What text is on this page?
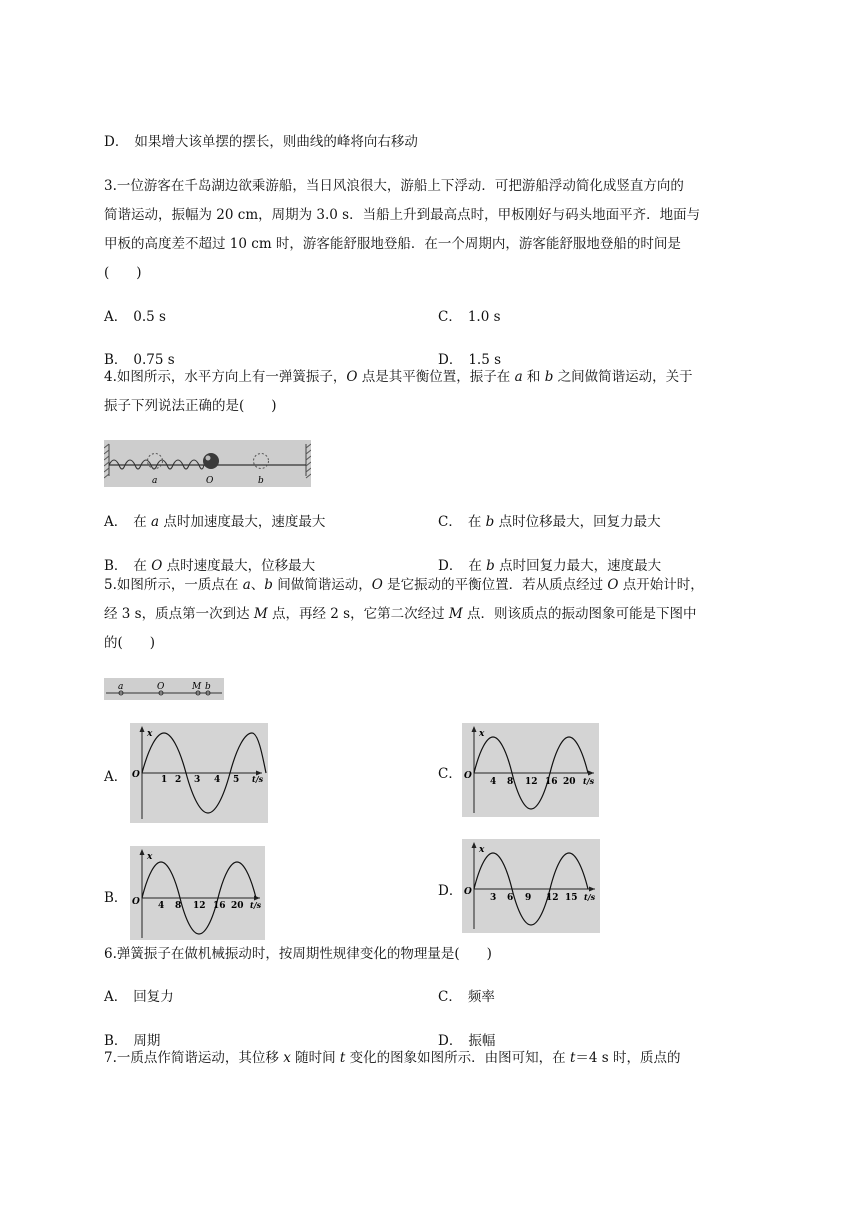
D． 如果增大该单摆的摆长，则曲线的峰将向右移动
3.一位游客在千岛湖边欲乘游船，当日风浪很大，游船上下浮动．可把游船浮动简化成竖直方向的
简谐运动，振幅为 20 cm，周期为 3.0 s．当船上升到最高点时，甲板刚好与码头地面平齐．地面与
甲板的高度差不超过 10 cm 时，游客能舒服地登船．在一个周期内，游客能舒服地登船的时间是
(　　)
A． 0.5 s	C． 1.0 s
B． 0.75 s	D． 1.5 s
4.如图所示，水平方向上有一弹簧振子，O 点是其平衡位置，振子在 a 和 b 之间做简谐运动，关于
振子下列说法正确的是(　　)
a	O	b
A． 在 a 点时加速度最大，速度最大	C． 在 b 点时位移最大，回复力最大
B． 在 O 点时速度最大，位移最大	D． 在 b 点时回复力最大，速度最大
5.如图所示，一质点在 a、b 间做简谐运动，O 是它振动的平衡位置．若从质点经过 O 点开始计时，
经 3 s，质点第一次到达 M 点，再经 2 s，它第二次经过 M 点．则该质点的振动图象可能是下图中
的(　　)
a	O	M b
A．	C．
B．	D．
x
O	t/s
1 2 3 4 5
x
O	t/s
4 8 12 16 20
x
O	t/s
4 8 12 16 20
x
O	t/s
3 6 9 12 15
6.弹簧振子在做机械振动时，按周期性规律变化的物理量是(　　)
A． 回复力	C． 频率
B． 周期	D． 振幅
7.一质点作简谐运动，其位移 x 随时间 t 变化的图象如图所示．由图可知，在 t＝4 s 时，质点的
